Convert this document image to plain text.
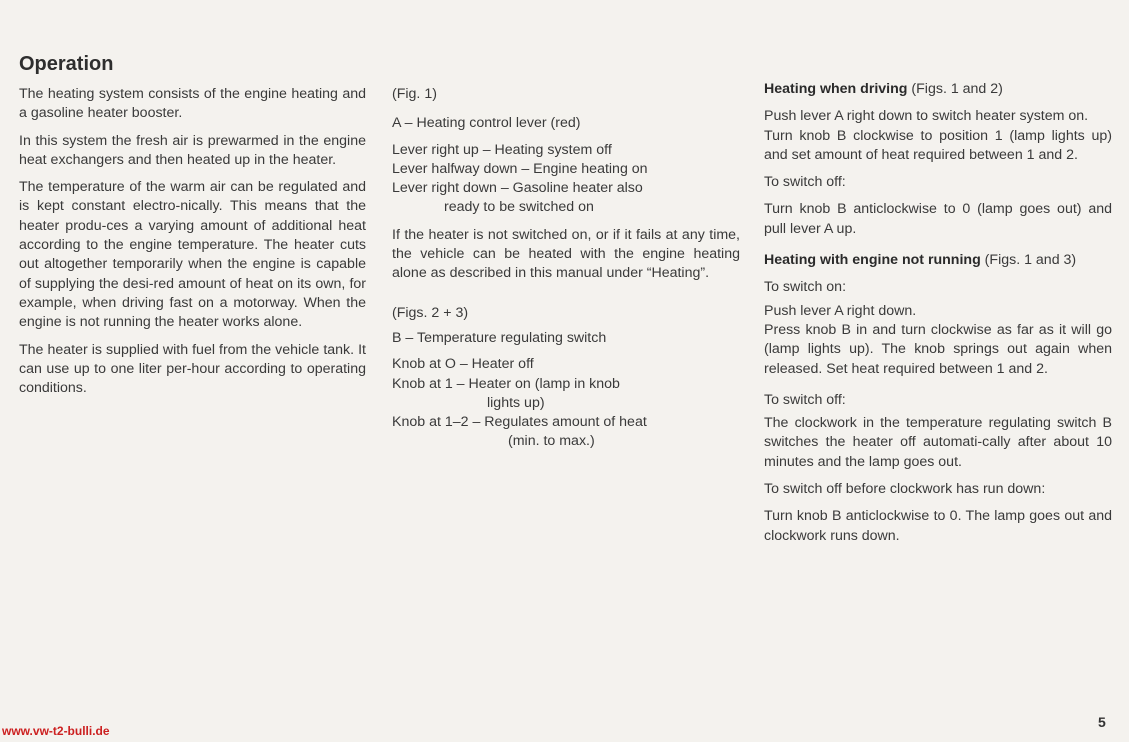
Operation

The heating system consists of the engine heating and a gasoline heater booster.

In this system the fresh air is prewarmed in the engine heat exchangers and then heated up in the heater.

The temperature of the warm air can be regulated and is kept constant electro-nically. This means that the heater produ-ces a varying amount of additional heat according to the engine temperature. The heater cuts out altogether temporarily when the engine is capable of supplying the desi-red amount of heat on its own, for example, when driving fast on a motorway. When the engine is not running the heater works alone.

The heater is supplied with fuel from the vehicle tank. It can use up to one liter per-hour according to operating conditions.

(Fig. 1)
A – Heating control lever (red)
Lever right up – Heating system off
Lever halfway down – Engine heating on
Lever right down – Gasoline heater also
ready to be switched on

If the heater is not switched on, or if it fails at any time, the vehicle can be heated with the engine heating alone as described in this manual under “Heating”.

(Figs. 2 + 3)
B – Temperature regulating switch
Knob at O – Heater off
Knob at 1 – Heater on (lamp in knob
lights up)
Knob at 1–2 – Regulates amount of heat
(min. to max.)

Heating when driving (Figs. 1 and 2)

Push lever A right down to switch heater system on.

Turn knob B clockwise to position 1 (lamp lights up) and set amount of heat required between 1 and 2.

To switch off:

Turn knob B anticlockwise to 0 (lamp goes out) and pull lever A up.

Heating with engine not running (Figs. 1 and 3)

To switch on:

Push lever A right down.

Press knob B in and turn clockwise as far as it will go (lamp lights up). The knob springs out again when released. Set heat required between 1 and 2.

To switch off:

The clockwork in the temperature regulating switch B switches the heater off automati-cally after about 10 minutes and the lamp goes out.

To switch off before clockwork has run down:

Turn knob B anticlockwise to 0. The lamp goes out and clockwork runs down.

www.vw-t2-bulli.de
5
